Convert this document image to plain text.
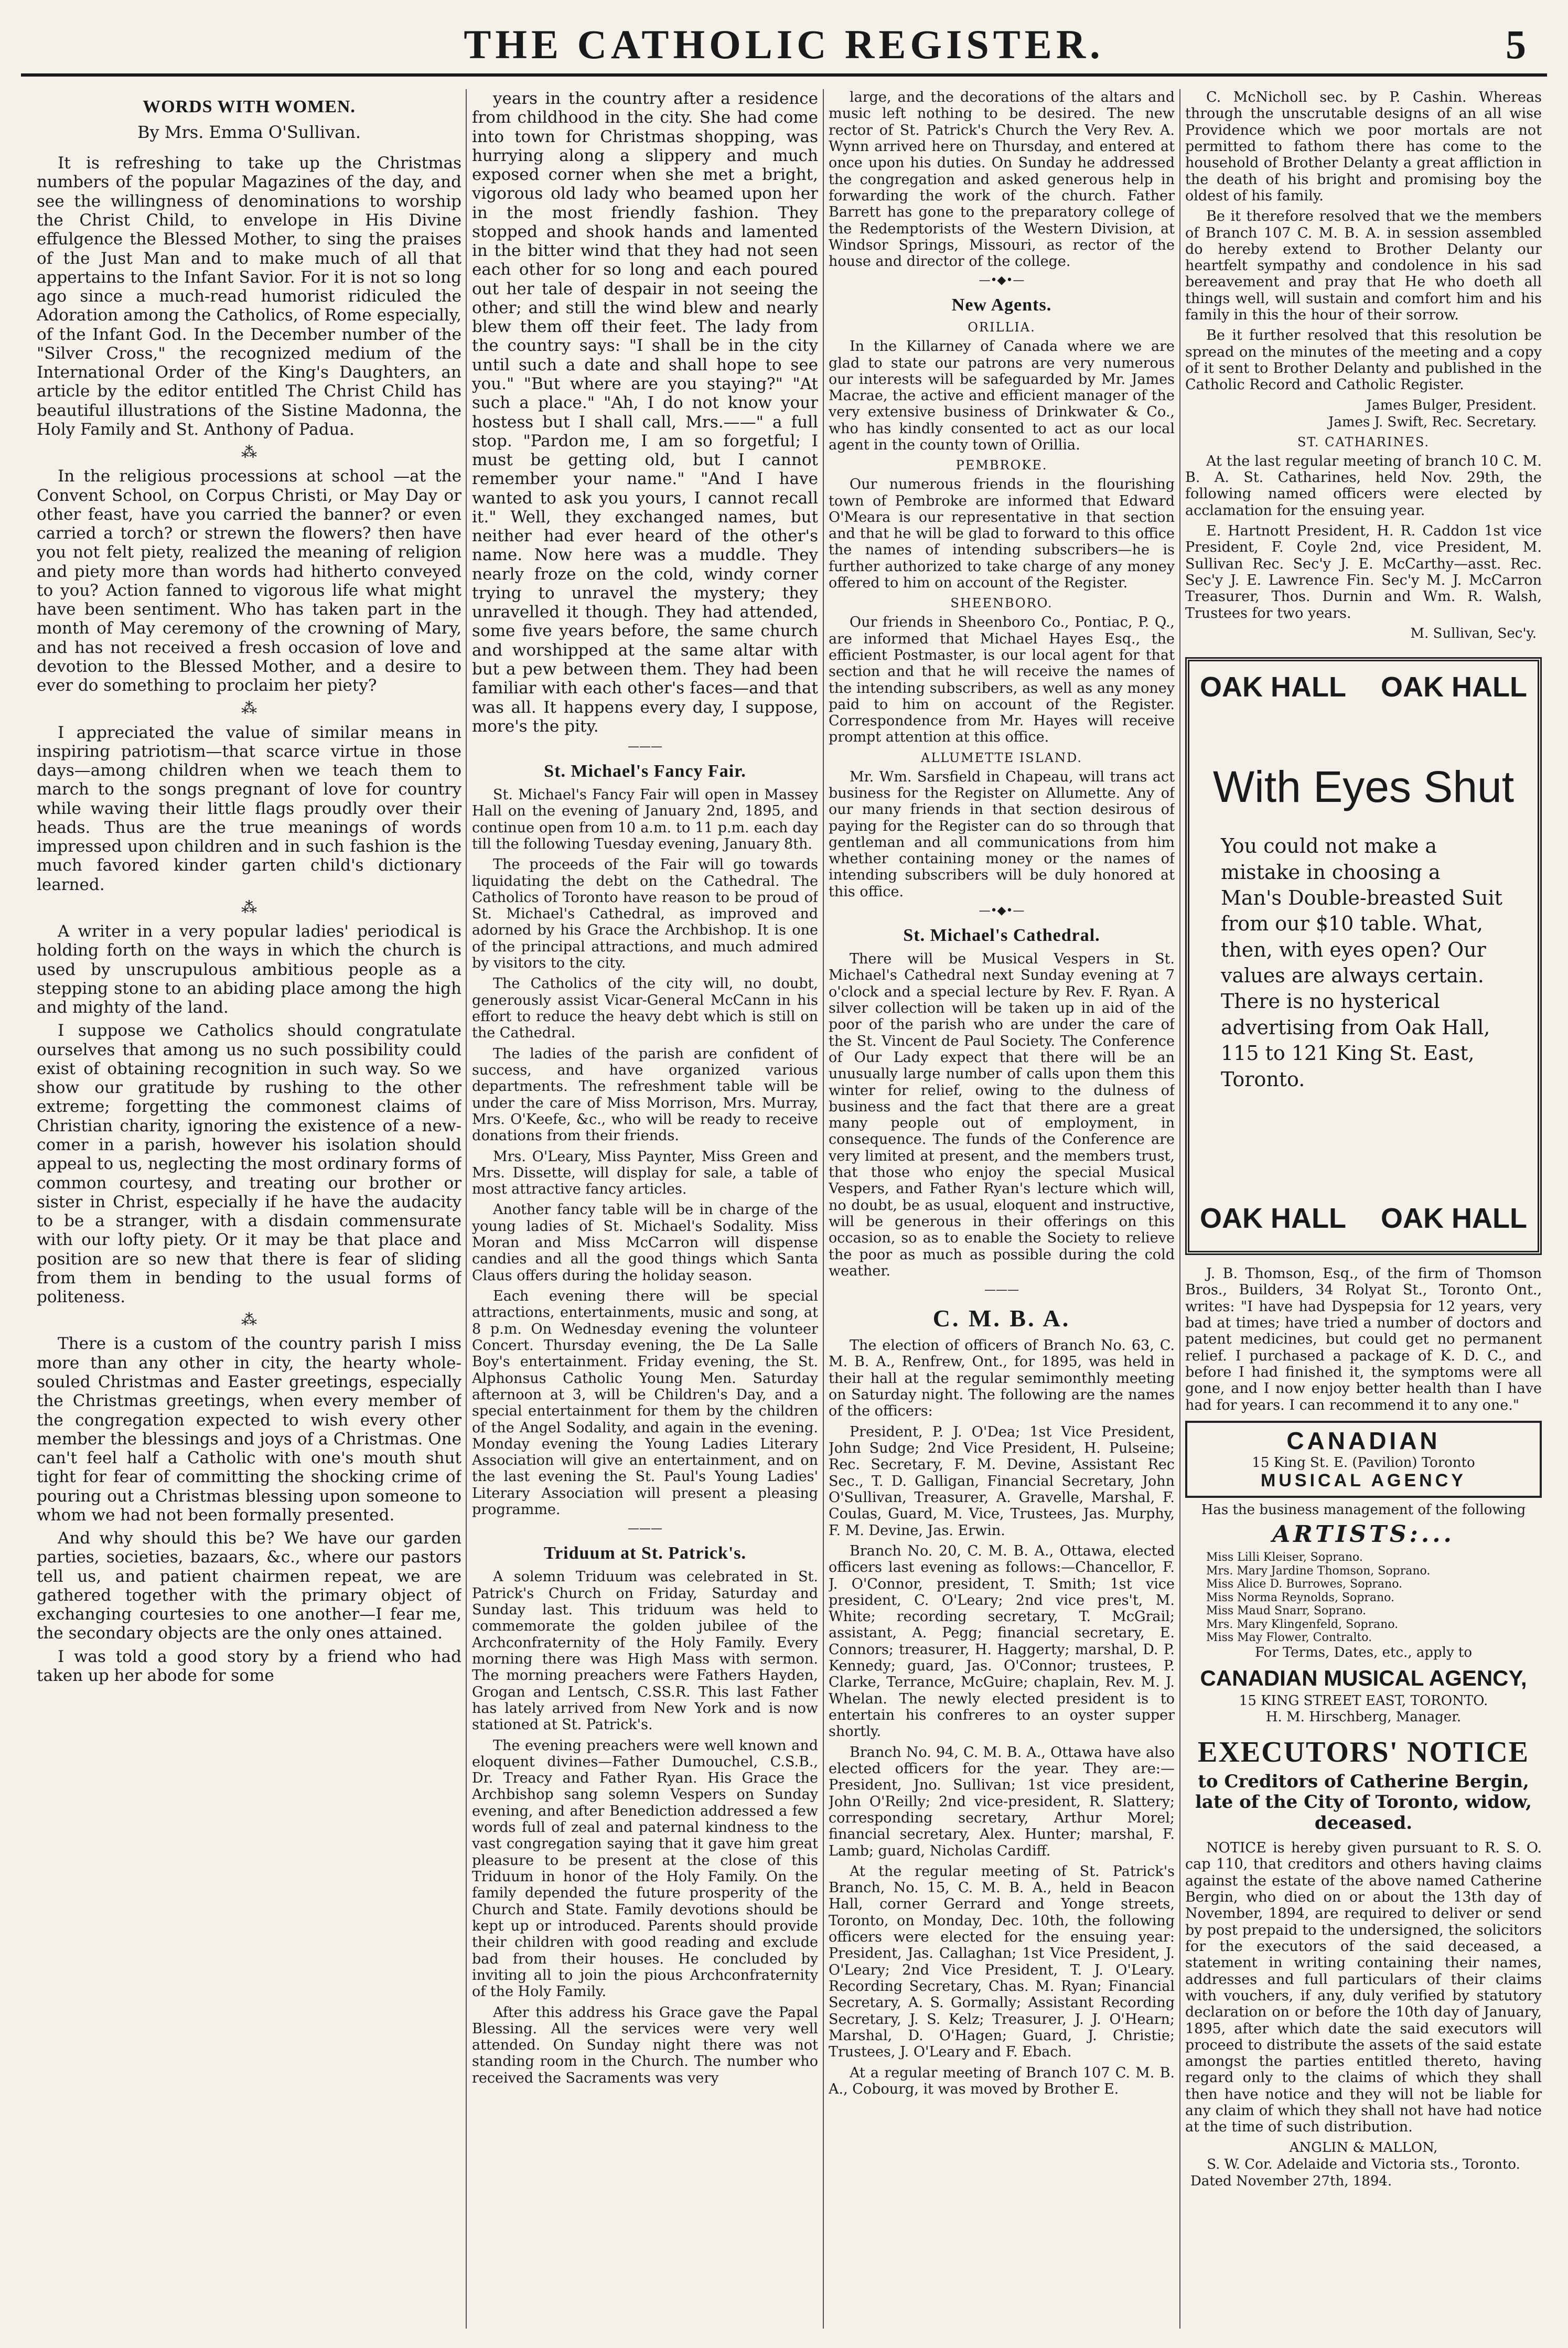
THE CATHOLIC REGISTER.	5
WORDS WITH WOMEN.
By Mrs. Emma O'Sullivan.

It is refreshing to take up the Christmas numbers of the popular Magazines of the day, and see the willingness of denominations to worship the Christ Child, to envelope in His Divine effulgence the Blessed Mother, to sing the praises of the Just Man and to make much of all that appertains to the Infant Savior. For it is not so long ago since a much-read humorist ridiculed the Adoration among the Catholics, of Rome especially, of the Infant God. In the December number of the "Silver Cross," the recognized medium of the International Order of the King's Daughters, an article by the editor entitled The Christ Child has beautiful illustrations of the Sistine Madonna, the Holy Family and St. Anthony of Padua.

⁂

In the religious processions at school —at the Convent School, on Corpus Christi, or May Day or other feast, have you carried the banner? or even carried a torch? or strewn the flowers? then have you not felt piety, realized the meaning of religion and piety more than words had hitherto conveyed to you? Action fanned to vigorous life what might have been sentiment. Who has taken part in the month of May ceremony of the crowning of Mary, and has not received a fresh occasion of love and devotion to the Blessed Mother, and a desire to ever do something to proclaim her piety?

⁂

I appreciated the value of similar means in inspiring patriotism—that scarce virtue in those days—among children when we teach them to march to the songs pregnant of love for country while waving their little flags proudly over their heads. Thus are the true meanings of words impressed upon children and in such fashion is the much favored kinder garten child's dictionary learned.

⁂

A writer in a very popular ladies' periodical is holding forth on the ways in which the church is used by unscrupulous ambitious people as a stepping stone to an abiding place among the high and mighty of the land.

I suppose we Catholics should congratulate ourselves that among us no such possibility could exist of obtaining recognition in such way. So we show our gratitude by rushing to the other extreme; forgetting the commonest claims of Christian charity, ignoring the existence of a new-comer in a parish, however his isolation should appeal to us, neglecting the most ordinary forms of common courtesy, and treating our brother or sister in Christ, especially if he have the audacity to be a stranger, with a disdain commensurate with our lofty piety. Or it may be that place and position are so new that there is fear of sliding from them in bending to the usual forms of politeness.

⁂

There is a custom of the country parish I miss more than any other in city, the hearty whole-souled Christmas and Easter greetings, especially the Christmas greetings, when every member of the congregation expected to wish every other member the blessings and joys of a Christmas. One can't feel half a Catholic with one's mouth shut tight for fear of committing the shocking crime of pouring out a Christmas blessing upon someone to whom we had not been formally presented.

And why should this be? We have our garden parties, societies, bazaars, &c., where our pastors tell us, and patient chairmen repeat, we are gathered together with the primary object of exchanging courtesies to one another—I fear me, the secondary objects are the only ones attained.

I was told a good story by a friend who had taken up her abode for some

years in the country after a residence from childhood in the city. She had come into town for Christmas shopping, was hurrying along a slippery and much exposed corner when she met a bright, vigorous old lady who beamed upon her in the most friendly fashion. They stopped and shook hands and lamented in the bitter wind that they had not seen each other for so long and each poured out her tale of despair in not seeing the other; and still the wind blew and nearly blew them off their feet. The lady from the country says: "I shall be in the city until such a date and shall hope to see you." "But where are you staying?" "At such a place." "Ah, I do not know your hostess but I shall call, Mrs.——" a full stop. "Pardon me, I am so forgetful; I must be getting old, but I cannot remember your name." "And I have wanted to ask you yours, I cannot recall it." Well, they exchanged names, but neither had ever heard of the other's name. Now here was a muddle. They nearly froze on the cold, windy corner trying to unravel the mystery; they unravelled it though. They had attended, some five years before, the same church and worshipped at the same altar with but a pew between them. They had been familiar with each other's faces—and that was all. It happens every day, I suppose, more's the pity.

———
St. Michael's Fancy Fair.

St. Michael's Fancy Fair will open in Massey Hall on the evening of January 2nd, 1895, and continue open from 10 a.m. to 11 p.m. each day till the following Tuesday evening, January 8th.

The proceeds of the Fair will go towards liquidating the debt on the Cathedral. The Catholics of Toronto have reason to be proud of St. Michael's Cathedral, as improved and adorned by his Grace the Archbishop. It is one of the principal attractions, and much admired by visitors to the city.

The Catholics of the city will, no doubt, generously assist Vicar-General McCann in his effort to reduce the heavy debt which is still on the Cathedral.

The ladies of the parish are confident of success, and have organized various departments. The refreshment table will be under the care of Miss Morrison, Mrs. Murray, Mrs. O'Keefe, &c., who will be ready to receive donations from their friends.

Mrs. O'Leary, Miss Paynter, Miss Green and Mrs. Dissette, will display for sale, a table of most attractive fancy articles.

Another fancy table will be in charge of the young ladies of St. Michael's Sodality. Miss Moran and Miss McCarron will dispense candies and all the good things which Santa Claus offers during the holiday season.

Each evening there will be special attractions, entertainments, music and song, at 8 p.m. On Wednesday evening the volunteer Concert. Thursday evening, the De La Salle Boy's entertainment. Friday evening, the St. Alphonsus Catholic Young Men. Saturday afternoon at 3, will be Children's Day, and a special entertainment for them by the children of the Angel Sodality, and again in the evening. Monday evening the Young Ladies Literary Association will give an entertainment, and on the last evening the St. Paul's Young Ladies' Literary Association will present a pleasing programme.

———
Triduum at St. Patrick's.

A solemn Triduum was celebrated in St. Patrick's Church on Friday, Saturday and Sunday last. This triduum was held to commemorate the golden jubilee of the Archconfraternity of the Holy Family. Every morning there was High Mass with sermon. The morning preachers were Fathers Hayden, Grogan and Lentsch, C.SS.R. This last Father has lately arrived from New York and is now stationed at St. Patrick's.

The evening preachers were well known and eloquent divines—Father Dumouchel, C.S.B., Dr. Treacy and Father Ryan. His Grace the Archbishop sang solemn Vespers on Sunday evening, and after Benediction addressed a few words full of zeal and paternal kindness to the vast congregation saying that it gave him great pleasure to be present at the close of this Triduum in honor of the Holy Family. On the family depended the future prosperity of the Church and State. Family devotions should be kept up or introduced. Parents should provide their children with good reading and exclude bad from their houses. He concluded by inviting all to join the pious Archconfraternity of the Holy Family.

After this address his Grace gave the Papal Blessing. All the services were very well attended. On Sunday night there was not standing room in the Church. The number who received the Sacraments was very

large, and the decorations of the altars and music left nothing to be desired. The new rector of St. Patrick's Church the Very Rev. A. Wynn arrived here on Thursday, and entered at once upon his duties. On Sunday he addressed the congregation and asked generous help in forwarding the work of the church. Father Barrett has gone to the preparatory college of the Redemptorists of the Western Division, at Windsor Springs, Missouri, as rector of the house and director of the college.

—•◆•—
New Agents.
ORILLIA.

In the Killarney of Canada where we are glad to state our patrons are very numerous our interests will be safeguarded by Mr. James Macrae, the active and efficient manager of the very extensive business of Drinkwater & Co., who has kindly consented to act as our local agent in the county town of Orillia.

PEMBROKE.

Our numerous friends in the flourishing town of Pembroke are informed that Edward O'Meara is our representative in that section and that he will be glad to forward to this office the names of intending subscribers—he is further authorized to take charge of any money offered to him on account of the Register.

SHEENBORO.

Our friends in Sheenboro Co., Pontiac, P. Q., are informed that Michael Hayes Esq., the efficient Postmaster, is our local agent for that section and that he will receive the names of the intending subscribers, as well as any money paid to him on account of the Register. Correspondence from Mr. Hayes will receive prompt attention at this office.

ALLUMETTE ISLAND.

Mr. Wm. Sarsfield in Chapeau, will trans act business for the Register on Allumette. Any of our many friends in that section desirous of paying for the Register can do so through that gentleman and all communications from him whether containing money or the names of intending subscribers will be duly honored at this office.

—•◆•—
St. Michael's Cathedral.

There will be Musical Vespers in St. Michael's Cathedral next Sunday evening at 7 o'clock and a special lecture by Rev. F. Ryan. A silver collection will be taken up in aid of the poor of the parish who are under the care of the St. Vincent de Paul Society. The Conference of Our Lady expect that there will be an unusually large number of calls upon them this winter for relief, owing to the dulness of business and the fact that there are a great many people out of employment, in consequence. The funds of the Conference are very limited at present, and the members trust, that those who enjoy the special Musical Vespers, and Father Ryan's lecture which will, no doubt, be as usual, eloquent and instructive, will be generous in their offerings on this occasion, so as to enable the Society to relieve the poor as much as possible during the cold weather.

———
C. M. B. A.

The election of officers of Branch No. 63, C. M. B. A., Renfrew, Ont., for 1895, was held in their hall at the regular semimonthly meeting on Saturday night. The following are the names of the officers:

President, P. J. O'Dea; 1st Vice President, John Sudge; 2nd Vice President, H. Pulseine; Rec. Secretary, F. M. Devine, Assistant Rec Sec., T. D. Galligan, Financial Secretary, John O'Sullivan, Treasurer, A. Gravelle, Marshal, F. Coulas, Guard, M. Vice, Trustees, Jas. Murphy, F. M. Devine, Jas. Erwin.

Branch No. 20, C. M. B. A., Ottawa, elected officers last evening as follows:—Chancellor, F. J. O'Connor, president, T. Smith; 1st vice president, C. O'Leary; 2nd vice pres't, M. White; recording secretary, T. McGrail; assistant, A. Pegg; financial secretary, E. Connors; treasurer, H. Haggerty; marshal, D. P. Kennedy; guard, Jas. O'Connor; trustees, P. Clarke, Terrance, McGuire; chaplain, Rev. M. J. Whelan. The newly elected president is to entertain his confreres to an oyster supper shortly.

Branch No. 94, C. M. B. A., Ottawa have also elected officers for the year. They are:—President, Jno. Sullivan; 1st vice president, John O'Reilly; 2nd vice-president, R. Slattery; corresponding secretary, Arthur Morel; financial secretary, Alex. Hunter; marshal, F. Lamb; guard, Nicholas Cardiff.

At the regular meeting of St. Patrick's Branch, No. 15, C. M. B. A., held in Beacon Hall, corner Gerrard and Yonge streets, Toronto, on Monday, Dec. 10th, the following officers were elected for the ensuing year: President, Jas. Callaghan; 1st Vice President, J. O'Leary; 2nd Vice President, T. J. O'Leary. Recording Secretary, Chas. M. Ryan; Financial Secretary, A. S. Gormally; Assistant Recording Secretary, J. S. Kelz; Treasurer, J. J. O'Hearn; Marshal, D. O'Hagen; Guard, J. Christie; Trustees, J. O'Leary and F. Ebach.

At a regular meeting of Branch 107 C. M. B. A., Cobourg, it was moved by Brother E.

C. McNicholl sec. by P. Cashin. Whereas through the unscrutable designs of an all wise Providence which we poor mortals are not permitted to fathom there has come to the household of Brother Delanty a great affliction in the death of his bright and promising boy the oldest of his family.

Be it therefore resolved that we the members of Branch 107 C. M. B. A. in session assembled do hereby extend to Brother Delanty our heartfelt sympathy and condolence in his sad bereavement and pray that He who doeth all things well, will sustain and comfort him and his family in this the hour of their sorrow.

Be it further resolved that this resolution be spread on the minutes of the meeting and a copy of it sent to Brother Delanty and published in the Catholic Record and Catholic Register.

James Bulger, President.
James J. Swift, Rec. Secretary.
ST. CATHARINES.

At the last regular meeting of branch 10 C. M. B. A. St. Catharines, held Nov. 29th, the following named officers were elected by acclamation for the ensuing year.

E. Hartnott President, H. R. Caddon 1st vice President, F. Coyle 2nd, vice President, M. Sullivan Rec. Sec'y J. E. McCarthy—asst. Rec. Sec'y J. E. Lawrence Fin. Sec'y M. J. McCarron Treasurer, Thos. Durnin and Wm. R. Walsh, Trustees for two years.

M. Sullivan, Sec'y.
OAK HALL OAK HALL
With Eyes Shut
You could not make a mistake in choosing a Man's Double-breasted Suit from our $10 table. What, then, with eyes open? Our values are always certain. There is no hysterical advertising from Oak Hall, 115 to 121 King St. East, Toronto.
OAK HALL OAK HALL

J. B. Thomson, Esq., of the firm of Thomson Bros., Builders, 34 Rolyat St., Toronto Ont., writes: "I have had Dyspepsia for 12 years, very bad at times; have tried a number of doctors and patent medicines, but could get no permanent relief. I purchased a package of K. D. C., and before I had finished it, the symptoms were all gone, and I now enjoy better health than I have had for years. I can recommend it to any one."

CANADIAN
15 King St. E. (Pavilion) Toronto
MUSICAL AGENCY
Has the business management of the following
ARTISTS:...
Miss Lilli Kleiser, Soprano.
Mrs. Mary Jardine Thomson, Soprano.
Miss Alice D. Burrowes, Soprano.
Miss Norma Reynolds, Soprano.
Miss Maud Snarr, Soprano.
Mrs. Mary Klingenfeld, Soprano.
Miss May Flower, Contralto.
For Terms, Dates, etc., apply to
CANADIAN MUSICAL AGENCY,
15 KING STREET EAST, TORONTO.
H. M. Hirschberg, Manager.
EXECUTORS' NOTICE
to Creditors of Catherine Bergin, late of the City of Toronto, widow, deceased.

NOTICE is hereby given pursuant to R. S. O. cap 110, that creditors and others having claims against the estate of the above named Catherine Bergin, who died on or about the 13th day of November, 1894, are required to deliver or send by post prepaid to the undersigned, the solicitors for the executors of the said deceased, a statement in writing containing their names, addresses and full particulars of their claims with vouchers, if any, duly verified by statutory declaration on or before the 10th day of January, 1895, after which date the said executors will proceed to distribute the assets of the said estate amongst the parties entitled thereto, having regard only to the claims of which they shall then have notice and they will not be liable for any claim of which they shall not have had notice at the time of such distribution.

ANGLIN & MALLON,
S. W. Cor. Adelaide and Victoria sts., Toronto.
Dated November 27th, 1894.
